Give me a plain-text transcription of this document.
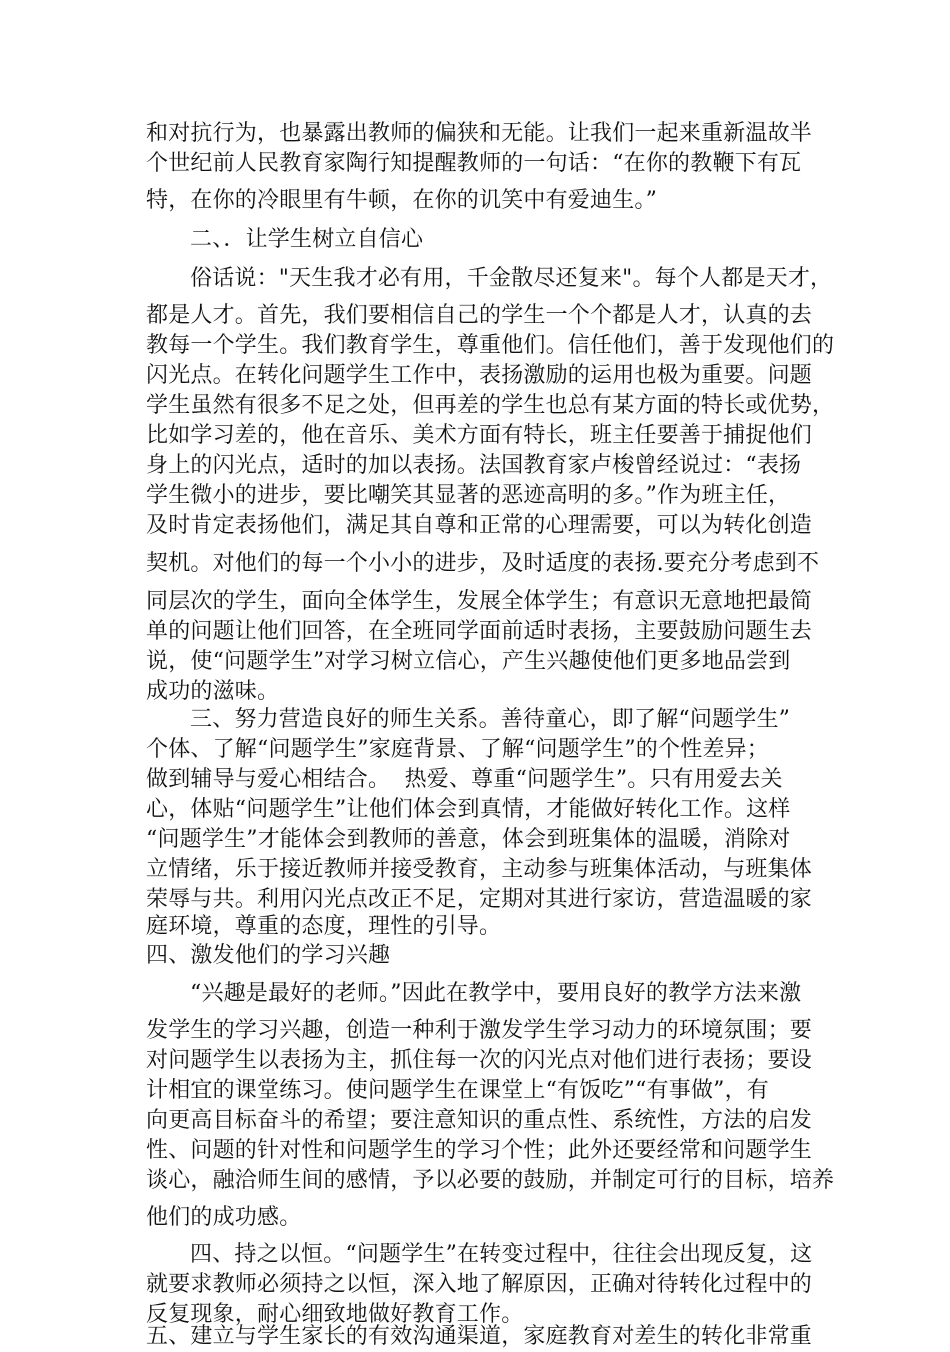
和对抗行为，也暴露出教师的偏狭和无能。让我们一起来重新温故半
个世纪前人民教育家陶行知提醒教师的一句话：“在你的教鞭下有瓦
特，在你的冷眼里有牛顿，在你的讥笑中有爱迪生。”
二、．让学生树立自信心
俗话说："天生我才必有用，千金散尽还复来"。每个人都是天才，
都是人才。首先，我们要相信自己的学生一个个都是人才，认真的去
教每一个学生。我们教育学生，尊重他们。信任他们，善于发现他们的
闪光点。在转化问题学生工作中，表扬激励的运用也极为重要。问题
学生虽然有很多不足之处，但再差的学生也总有某方面的特长或优势，
比如学习差的，他在音乐、美术方面有特长，班主任要善于捕捉他们
身上的闪光点，适时的加以表扬。法国教育家卢梭曾经说过：“表扬
学生微小的进步，要比嘲笑其显著的恶迹高明的多。”作为班主任，
及时肯定表扬他们，满足其自尊和正常的心理需要，可以为转化创造
契机。对他们的每一个小小的进步，及时适度的表扬.要充分考虑到不
同层次的学生，面向全体学生，发展全体学生；有意识无意地把最简
单的问题让他们回答，在全班同学面前适时表扬，主要鼓励问题生去
说，使“问题学生”对学习树立信心，产生兴趣使他们更多地品尝到
成功的滋味。
三、努力营造良好的师生关系。善待童心，即了解“问题学生”
个体、了解“问题学生”家庭背景、了解“问题学生”的个性差异；
做到辅导与爱心相结合。  热爱、尊重“问题学生”。只有用爱去关
心，体贴“问题学生”让他们体会到真情，才能做好转化工作。这样
“问题学生”才能体会到教师的善意，体会到班集体的温暖，消除对
立情绪，乐于接近教师并接受教育，主动参与班集体活动，与班集体
荣辱与共。利用闪光点改正不足，定期对其进行家访，营造温暖的家
庭环境，尊重的态度，理性的引导。
四、激发他们的学习兴趣
“兴趣是最好的老师。”因此在教学中，要用良好的教学方法来激
发学生的学习兴趣，创造一种利于激发学生学习动力的环境氛围；要
对问题学生以表扬为主，抓住每一次的闪光点对他们进行表扬；要设
计相宜的课堂练习。使问题学生在课堂上“有饭吃”“有事做”，有
向更高目标奋斗的希望；要注意知识的重点性、系统性，方法的启发
性、问题的针对性和问题学生的学习个性；此外还要经常和问题学生
谈心，融洽师生间的感情，予以必要的鼓励，并制定可行的目标，培养
他们的成功感。
四、持之以恒。“问题学生”在转变过程中，往往会出现反复，这
就要求教师必须持之以恒，深入地了解原因，正确对待转化过程中的
反复现象，耐心细致地做好教育工作。
五、建立与学生家长的有效沟通渠道，家庭教育对差生的转化非常重
